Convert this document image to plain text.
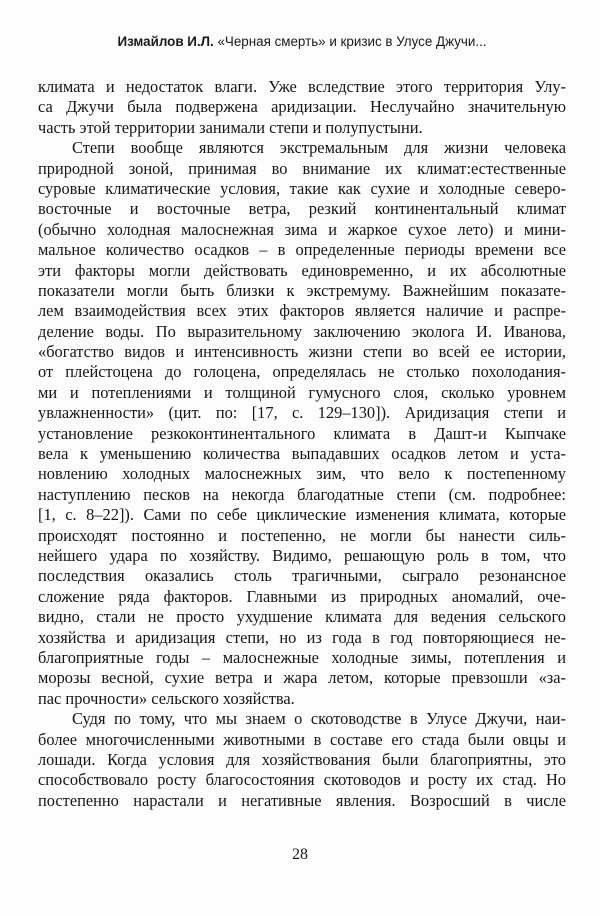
Измайлов И.Л. «Черная смерть» и кризис в Улусе Джучи...
климата и недостаток влаги. Уже вследствие этого территория Улу-
са Джучи была подвержена аридизации. Неслучайно значительную
часть этой территории занимали степи и полупустыни.
Степи вообще являются экстремальным для жизни человека
природной зоной, принимая во внимание их климат:естественные
суровые климатические условия, такие как сухие и холодные северо-
восточные и восточные ветра, резкий континентальный климат
(обычно холодная малоснежная зима и жаркое сухое лето) и мини-
мальное количество осадков – в определенные периоды времени все
эти факторы могли действовать единовременно, и их абсолютные
показатели могли быть близки к экстремуму. Важнейшим показате-
лем взаимодействия всех этих факторов является наличие и распре-
деление воды. По выразительному заключению эколога И. Иванова,
«богатство видов и интенсивность жизни степи во всей ее истории,
от плейстоцена до голоцена, определялась не столько похолодания-
ми и потеплениями и толщиной гумусного слоя, сколько уровнем
увлажненности» (цит. по: [17, с. 129–130]). Аридизация степи и
установление резкоконтинентального климата в Дашт-и Кыпчаке
вела к уменьшению количества выпадавших осадков летом и уста-
новлению холодных малоснежных зим, что вело к постепенному
наступлению песков на некогда благодатные степи (см. подробнее:
[1, с. 8–22]). Сами по себе циклические изменения климата, которые
происходят постоянно и постепенно, не могли бы нанести силь-
нейшего удара по хозяйству. Видимо, решающую роль в том, что
последствия оказались столь трагичными, сыграло резонансное
сложение ряда факторов. Главными из природных аномалий, оче-
видно, стали не просто ухудшение климата для ведения сельского
хозяйства и аридизация степи, но из года в год повторяющиеся не-
благоприятные годы – малоснежные холодные зимы, потепления и
морозы весной, сухие ветра и жара летом, которые превзошли «за-
пас прочности» сельского хозяйства.
Судя по тому, что мы знаем о скотоводстве в Улусе Джучи, наи-
более многочисленными животными в составе его стада были овцы и
лошади. Когда условия для хозяйствования были благоприятны, это
способствовало росту благосостояния скотоводов и росту их стад. Но
постепенно нарастали и негативные явления. Возросший в числе
28
